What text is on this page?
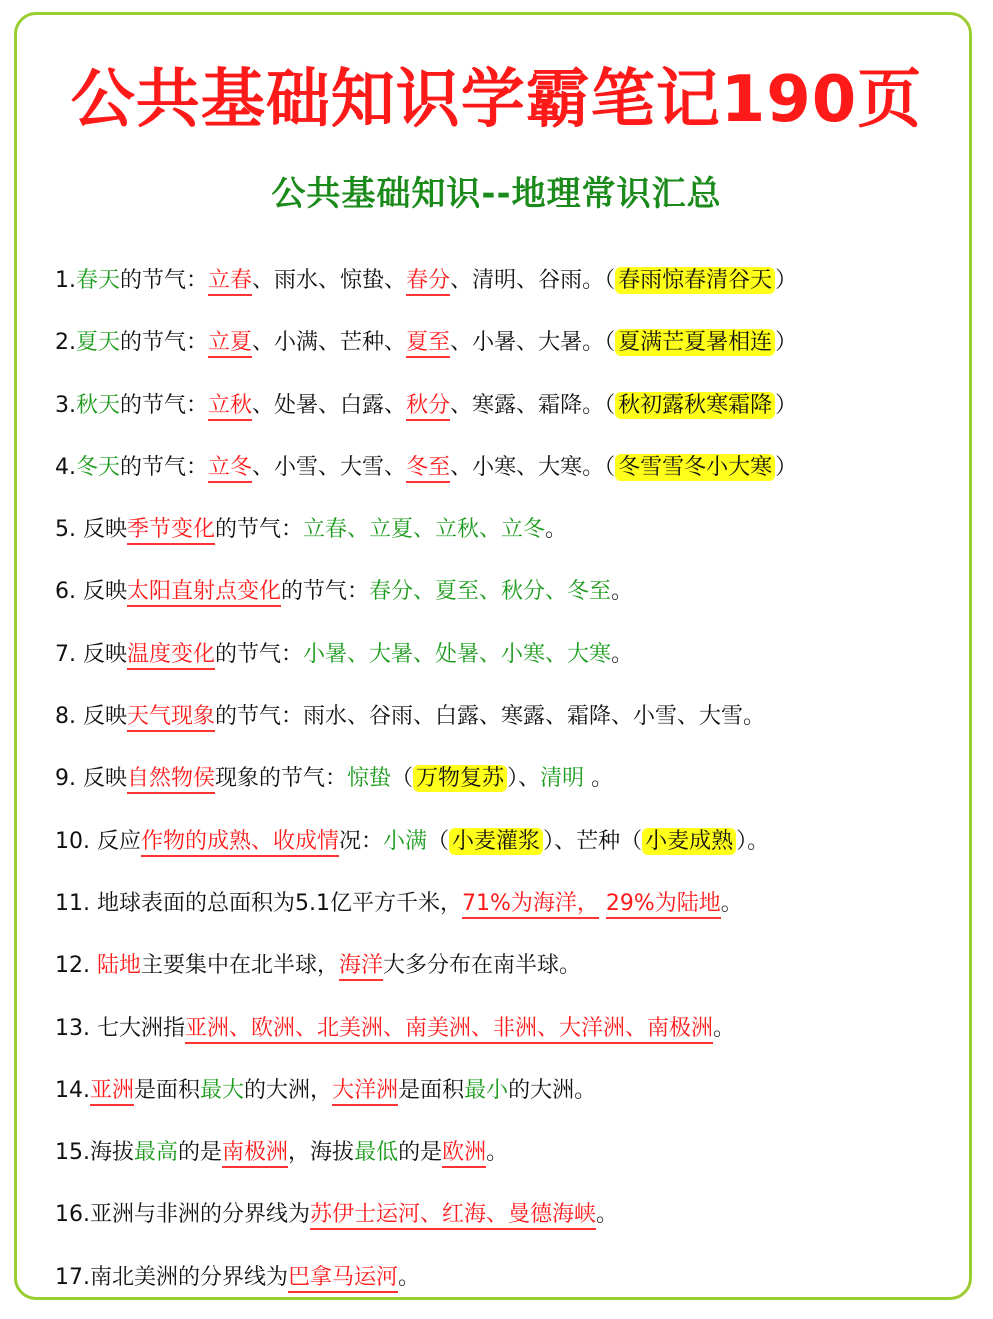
公共基础知识学霸笔记190页
公共基础知识--地理常识汇总
1.春天的节气：立春、雨水、惊蛰、春分、清明、谷雨。（ 春雨惊春清谷天 ）
2.夏天的节气：立夏、小满、芒种、夏至、小暑、大暑。（ 夏满芒夏暑相连 ）
3.秋天的节气：立秋、处暑、白露、秋分、寒露、霜降。（ 秋初露秋寒霜降 ）
4.冬天的节气：立冬、小雪、大雪、冬至、小寒、大寒。（ 冬雪雪冬小大寒 ）
5. 反映季节变化的节气：立春、立夏、立秋、立冬。
6. 反映太阳直射点变化的节气：春分、夏至、秋分、冬至。
7. 反映温度变化的节气：小暑、大暑、处暑、小寒、大寒。
8. 反映天气现象的节气：雨水、谷雨、白露、寒露、霜降、小雪、大雪。
9. 反映自然物侯现象的节气：惊蛰（ 万物复苏 ）、清明 。
10. 反应作物的成熟、收成情况：小满（ 小麦灌浆 ）、芒种（ 小麦成熟 ）。
11. 地球表面的总面积为5.1亿平方千米，71%为海洋， 29%为陆地。
12. 陆地主要集中在北半球，海洋大多分布在南半球。
13. 七大洲指亚洲、欧洲、北美洲、南美洲、非洲、大洋洲、南极洲。
14.亚洲是面积最大的大洲，大洋洲是面积最小的大洲。
15.海拔最高的是南极洲，海拔最低的是欧洲。
16.亚洲与非洲的分界线为苏伊士运河、红海、曼德海峡。
17.南北美洲的分界线为巴拿马运河。
